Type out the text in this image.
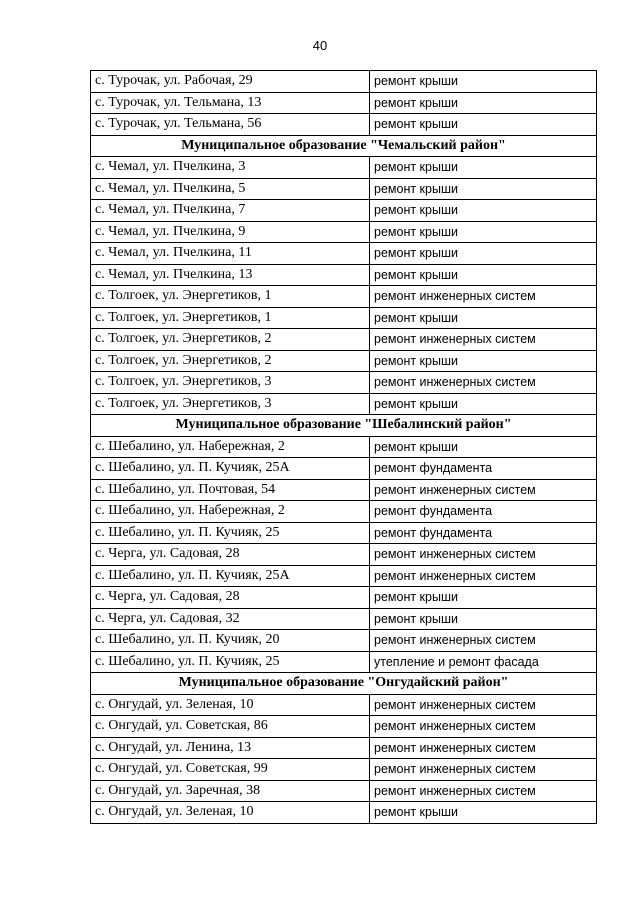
40
с. Турочак, ул. Рабочая, 29	ремонт крыши
с. Турочак, ул. Тельмана, 13	ремонт крыши
с. Турочак, ул. Тельмана, 56	ремонт крыши
Муниципальное образование "Чемальский район"	
с. Чемал, ул. Пчелкина, 3	ремонт крыши
с. Чемал, ул. Пчелкина, 5	ремонт крыши
с. Чемал, ул. Пчелкина, 7	ремонт крыши
с. Чемал, ул. Пчелкина, 9	ремонт крыши
с. Чемал, ул. Пчелкина, 11	ремонт крыши
с. Чемал, ул. Пчелкина, 13	ремонт крыши
с. Толгоек, ул. Энергетиков, 1	ремонт инженерных систем
с. Толгоек, ул. Энергетиков, 1	ремонт крыши
с. Толгоек, ул. Энергетиков, 2	ремонт инженерных систем
с. Толгоек, ул. Энергетиков, 2	ремонт крыши
с. Толгоек, ул. Энергетиков, 3	ремонт инженерных систем
с. Толгоек, ул. Энергетиков, 3	ремонт крыши
Муниципальное образование "Шебалинский район"	
с. Шебалино, ул. Набережная, 2	ремонт крыши
с. Шебалино, ул. П. Кучияк, 25А	ремонт фундамента
с. Шебалино, ул. Почтовая, 54	ремонт инженерных систем
с. Шебалино, ул. Набережная, 2	ремонт фундамента
с. Шебалино, ул. П. Кучияк, 25	ремонт фундамента
с. Черга, ул. Садовая, 28	ремонт инженерных систем
с. Шебалино, ул. П. Кучияк, 25А	ремонт инженерных систем
с. Черга, ул. Садовая, 28	ремонт крыши
с. Черга, ул. Садовая, 32	ремонт крыши
с. Шебалино, ул. П. Кучияк, 20	ремонт инженерных систем
с. Шебалино, ул. П. Кучияк, 25	утепление и ремонт фасада
Муниципальное образование "Онгудайский район"	
с. Онгудай, ул. Зеленая, 10	ремонт инженерных систем
с. Онгудай, ул. Советская, 86	ремонт инженерных систем
с. Онгудай, ул. Ленина, 13	ремонт инженерных систем
с. Онгудай, ул. Советская, 99	ремонт инженерных систем
с. Онгудай, ул. Заречная, 38	ремонт инженерных систем
с. Онгудай, ул. Зеленая, 10	ремонт крыши
